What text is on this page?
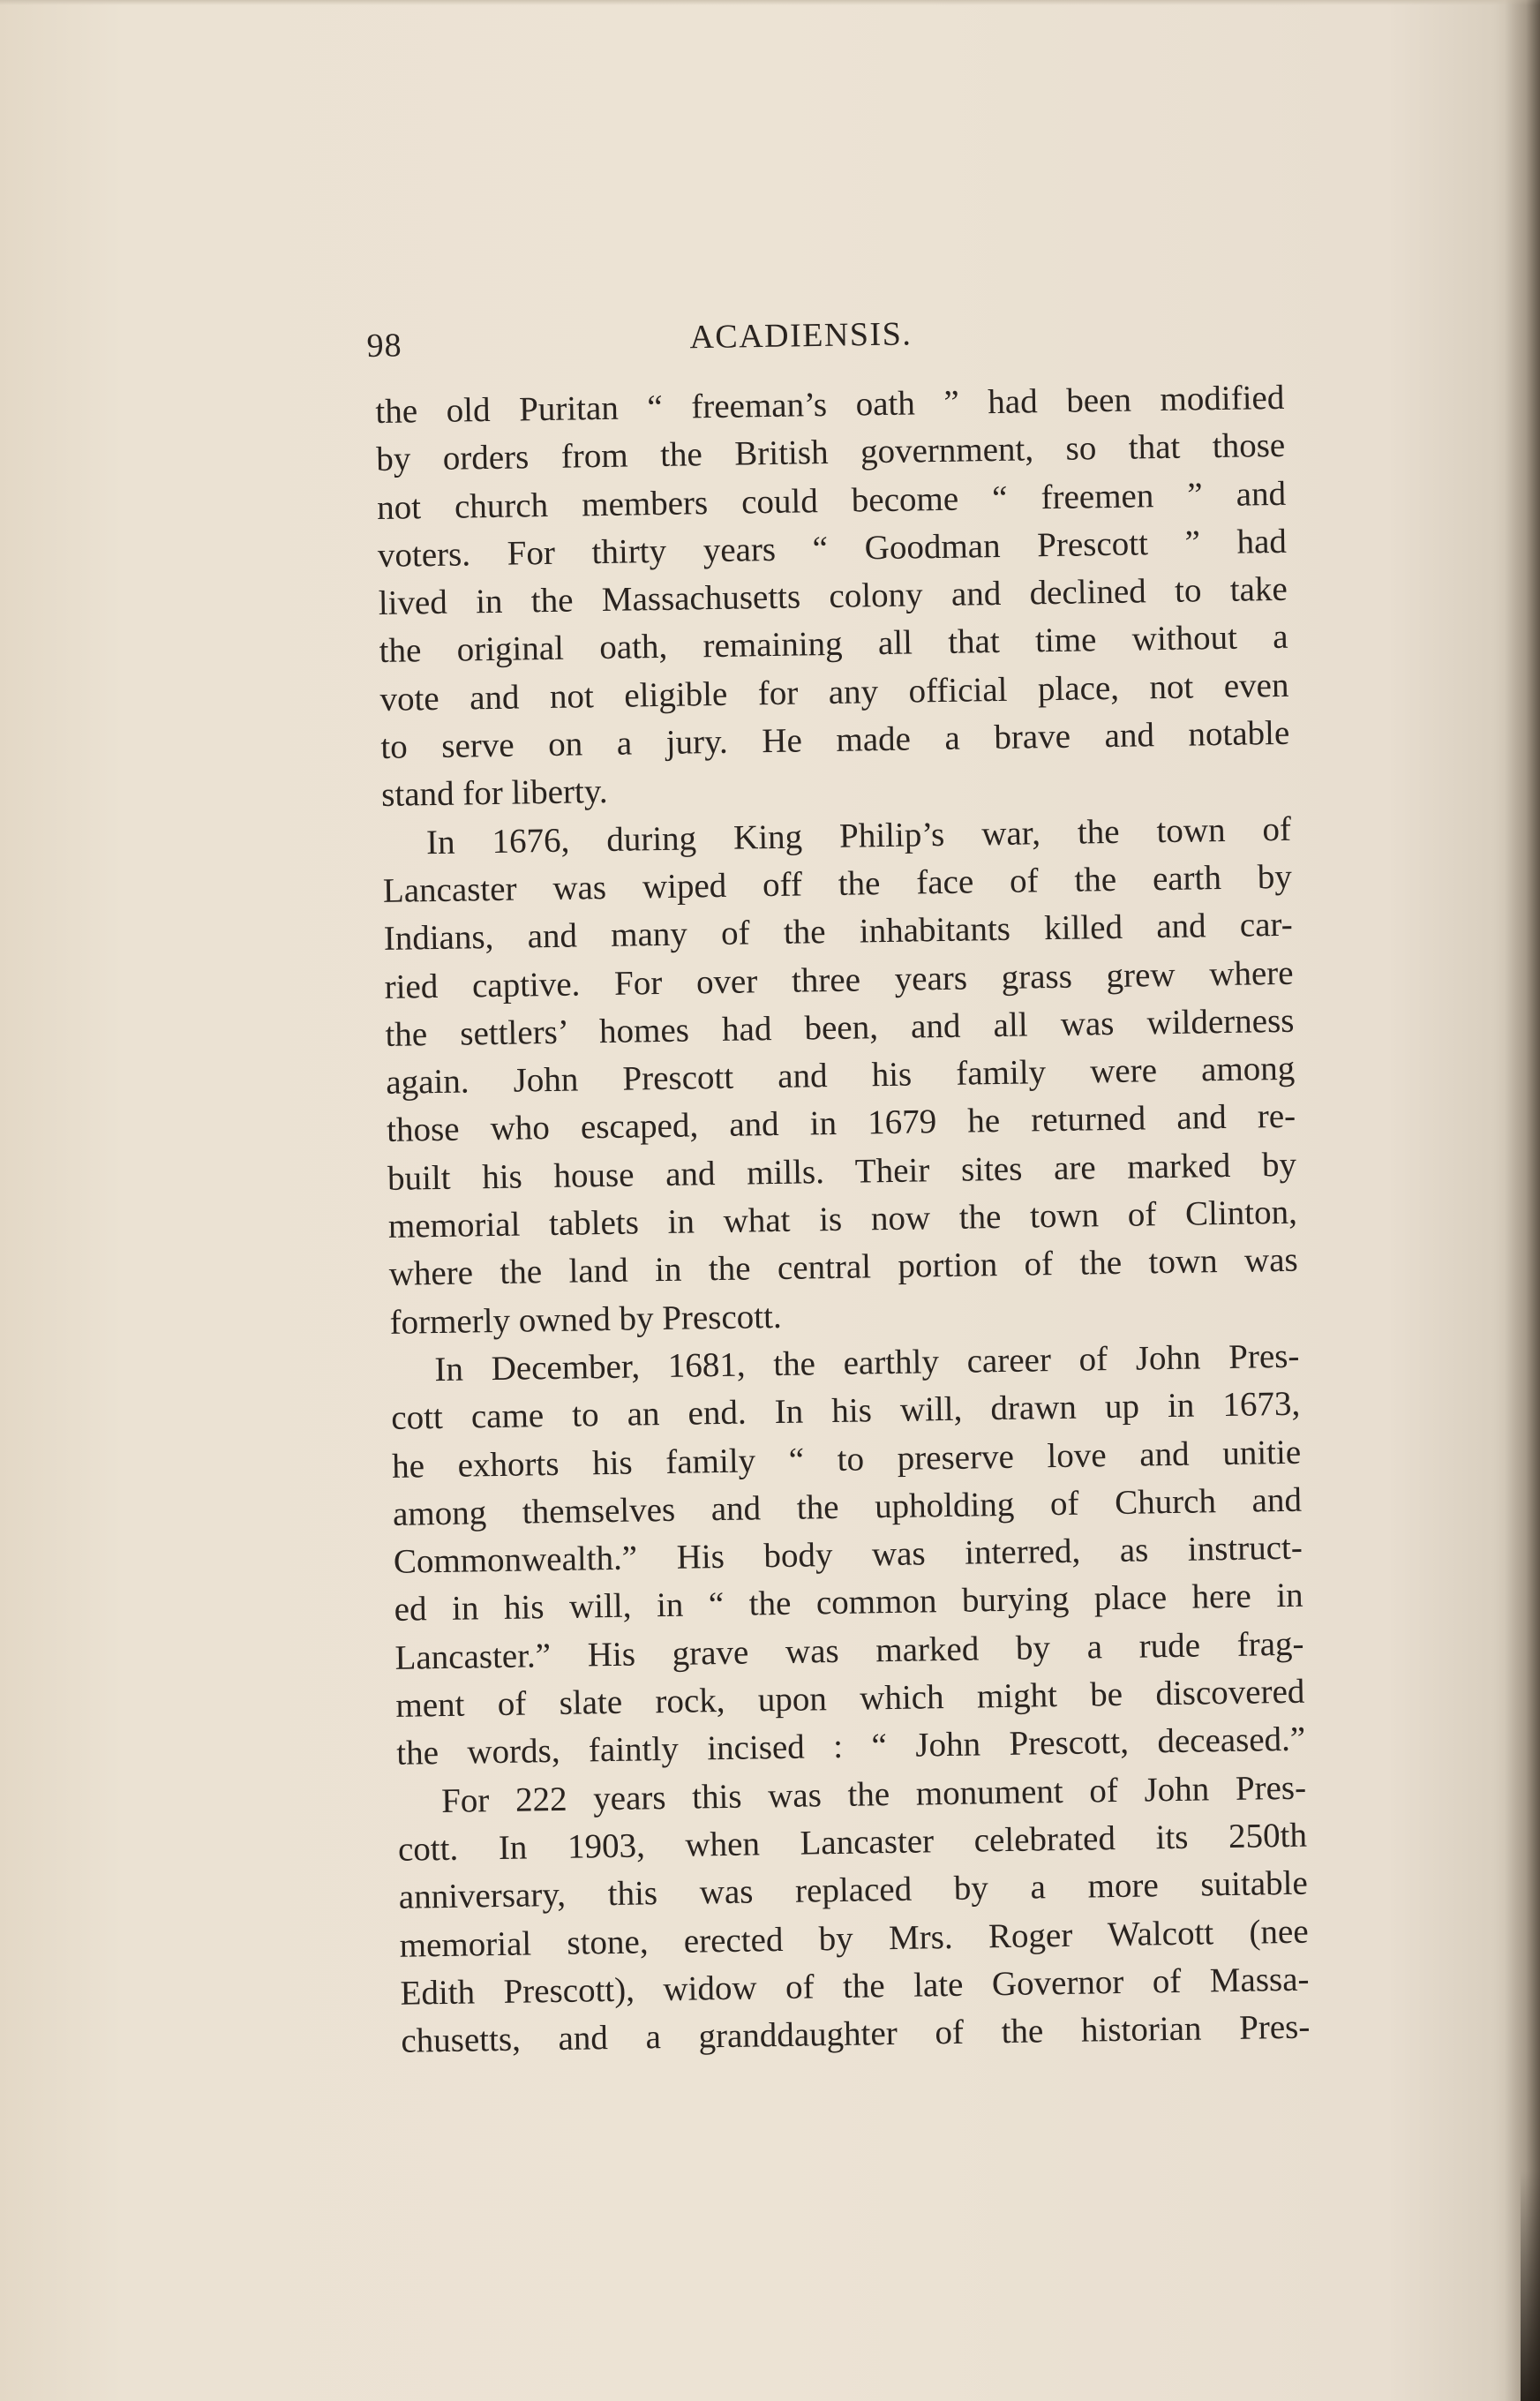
98	ACADIENSIS.
the old Puritan “ freeman’s oath ” had been modified
by orders from the British government, so that those
not church members could become “ freemen ” and
voters. For thirty years “ Goodman Prescott ” had
lived in the Massachusetts colony and declined to take
the original oath, remaining all that time without a
vote and not eligible for any official place, not even
to serve on a jury. He made a brave and notable
stand for liberty.
In 1676, during King Philip’s war, the town of
Lancaster was wiped off the face of the earth by
Indians, and many of the inhabitants killed and car-
ried captive. For over three years grass grew where
the settlers’ homes had been, and all was wilderness
again. John Prescott and his family were among
those who escaped, and in 1679 he returned and re-
built his house and mills. Their sites are marked by
memorial tablets in what is now the town of Clinton,
where the land in the central portion of the town was
formerly owned by Prescott.
In December, 1681, the earthly career of John Pres-
cott came to an end. In his will, drawn up in 1673,
he exhorts his family “ to preserve love and unitie
among themselves and the upholding of Church and
Commonwealth.” His body was interred, as instruct-
ed in his will, in “ the common burying place here in
Lancaster.” His grave was marked by a rude frag-
ment of slate rock, upon which might be discovered
the words, faintly incised : “ John Prescott, deceased.”
For 222 years this was the monument of John Pres-
cott. In 1903, when Lancaster celebrated its 250th
anniversary, this was replaced by a more suitable
memorial stone, erected by Mrs. Roger Walcott (nee
Edith Prescott), widow of the late Governor of Massa-
chusetts, and a granddaughter of the historian Pres-
